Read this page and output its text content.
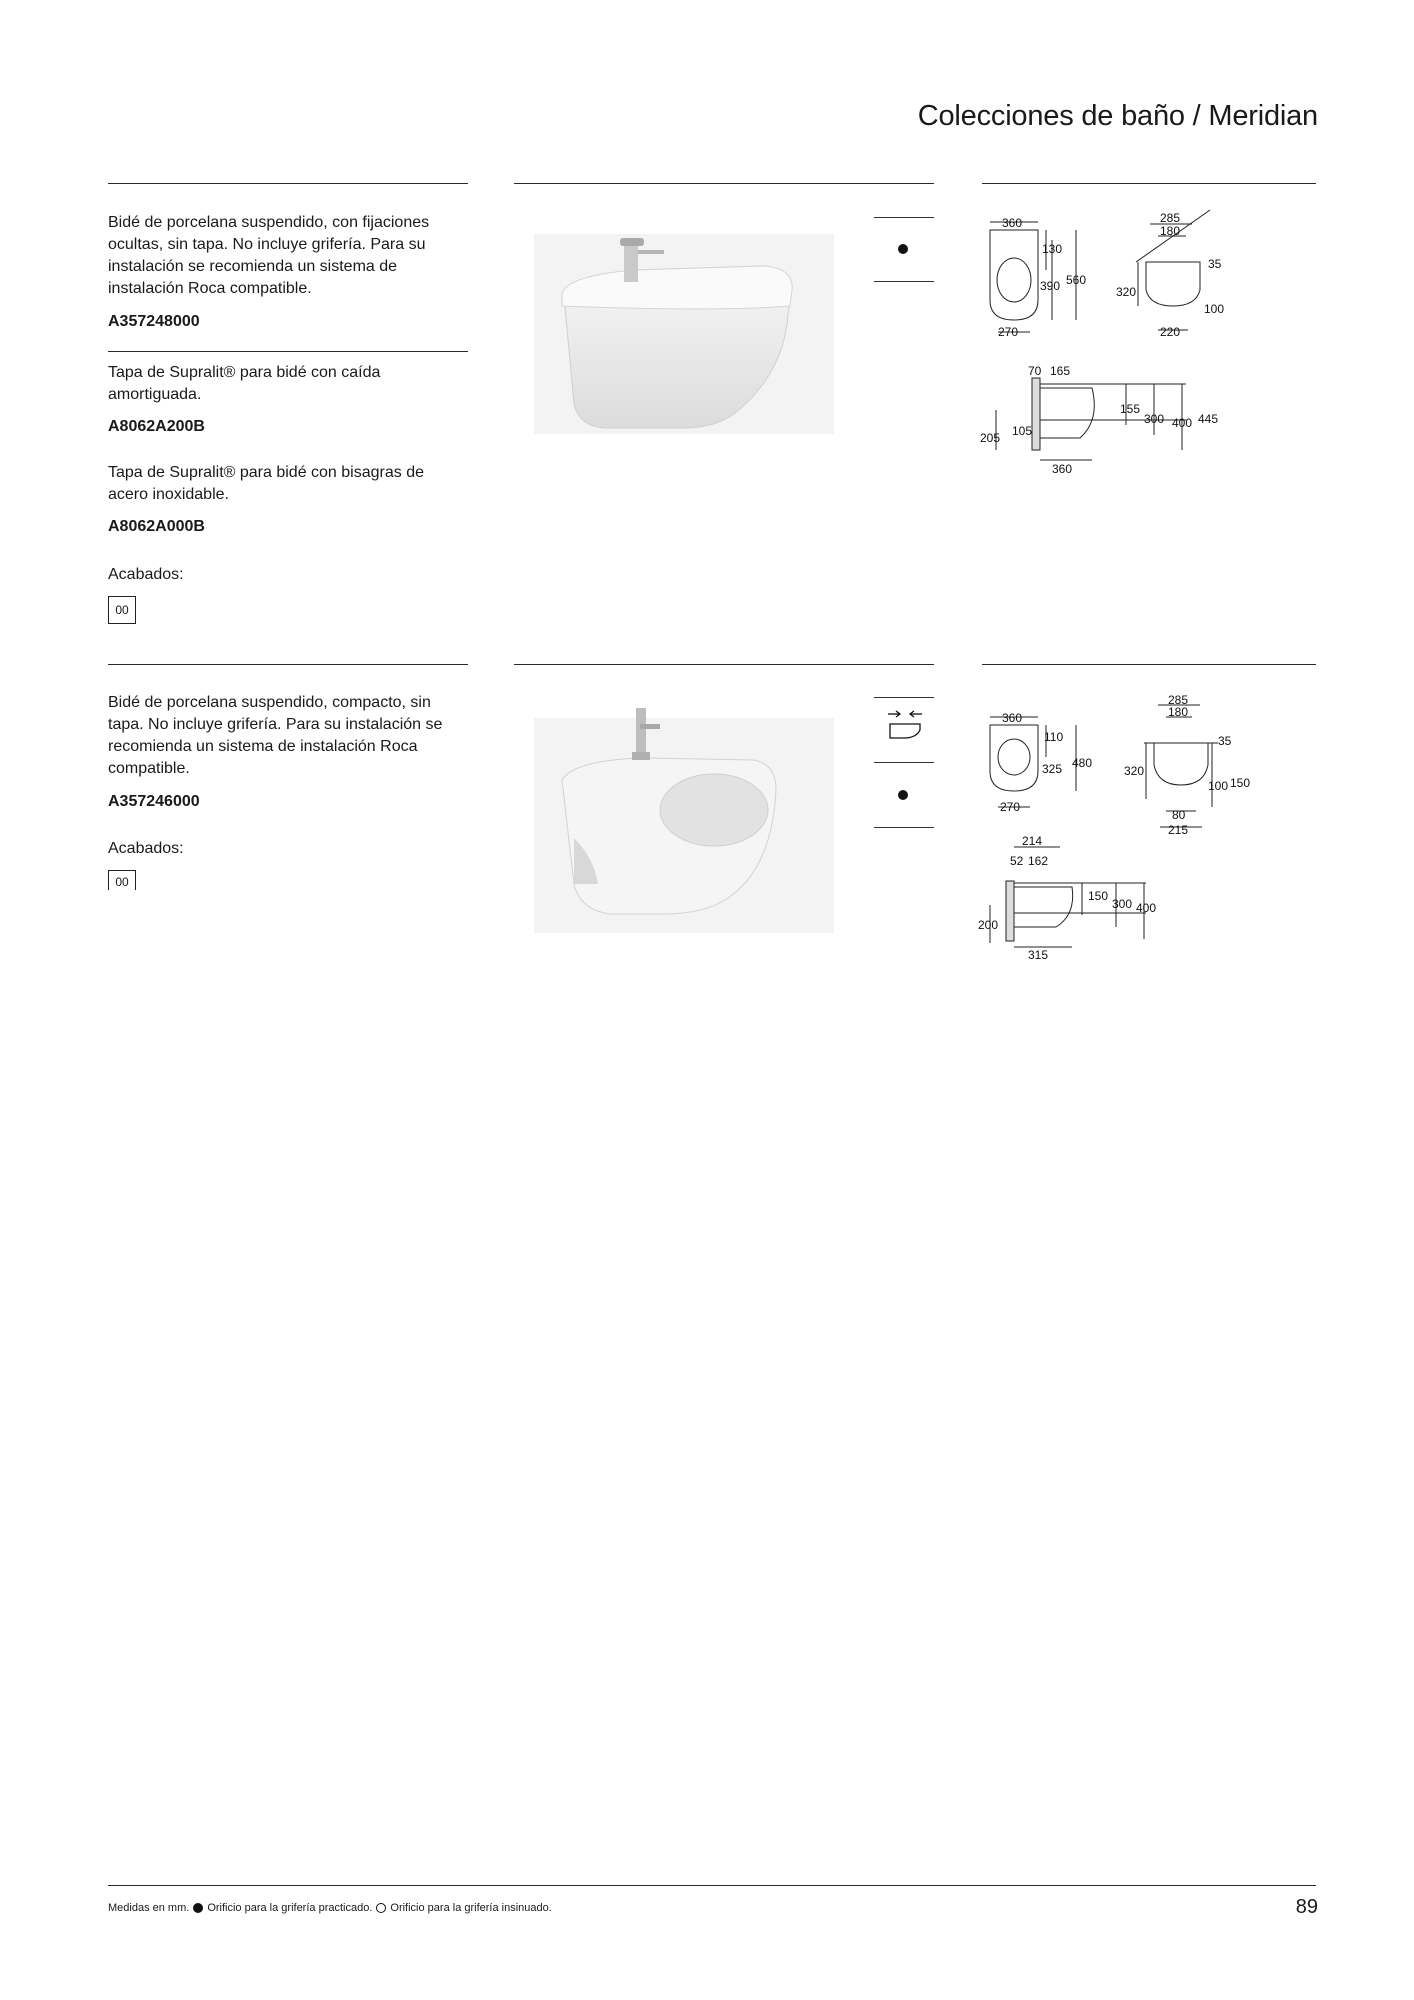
Colecciones de baño / Meridian
Bidé de porcelana suspendido, con fijaciones ocultas, sin tapa. No incluye grifería. Para su instalación se recomienda un sistema de instalación Roca compatible.
A357248000
Tapa de Supralit® para bidé con caída amortiguada.
A8062A200B
Tapa de Supralit® para bidé con bisagras de acero inoxidable.
A8062A000B
Acabados:
00
360
130
390 560
270
285
180
35
320
100
220
70 165
155
300 400 445
105
205
360
Bidé de porcelana suspendido, compacto, sin tapa. No incluye grifería. Para su instalación se recomienda un sistema de instalación Roca compatible.
A357246000
Acabados:
00
360
110
325 480
270
285
180
35
320
100 150
80
215
214
52 162
150
300 400
200
315
Medidas en mm. Orificio para la grifería practicado. Orificio para la grifería insinuado.	89
